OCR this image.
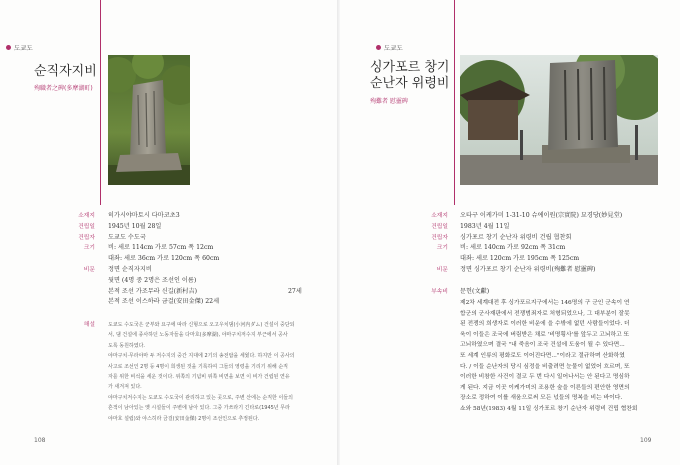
도쿄도
순직자지비
殉職者之碑(多摩湖町)
소재지
건립일
건립자
크기
비문
히가시야마토시 다마코초3
1945년 10월 28일
도쿄도 수도국
비: 세로 114cm 가로 57cm 폭 12cm
대좌: 세로 36cm 가로 120cm 폭 60cm
정면 순직자지비
뒷면 (4명 중 2명은 조선인 이름)
본적 조선 가조무라 신길(新村吉)	27세
본적 조선 이스하라 금걸(安田金傑) 22세
해설	도쿄도 수도국은 군부와 요구에 따라 신형으로 오고우치댐(小河内ダム) 건설이 중단되
서, 댐 건설에 종사하던 노동자들을 다마호(多摩湖), 야마구치저수지 부근에서 공사
도록 동원하였다.
야마구치·무라야마 두 저수지의 중간 지대에 2기의 송전탑을 세웠다. 하지만 이 공사의
사고로 조선인 2명 등 4명이 희생된 것을 기록하여 그들의 영령을 기리기 위해 순직
자를 위한 비석을 세운 것이다. 위쪽의 기념비 위쪽 비면을 보면 이 비가 건립된 연유
가 새겨져 있다.
야마구치저수지는 도쿄도 수도국이 관리하고 있는 곳으로, 주변 산에는 순직한 이들의
흔적이 남아있는 옛 시설들이 주변에 남아 있다. 그중 가쓰라기 긴타로(1945년 무라
야마호 설립)와 야스히라 금걸(安田金傑) 2명이 조선인으로 추정된다.
108
도쿄도
싱가포르 창기
순난자 위령비
殉難者 慰靈碑
소재지
건립일
건립자
크기
비문
부속비
오타구 이케가미 1-31-10 슈에이원(宗實院) 묘경당(妙見堂)
1983년 4월 11일
싱가포르 창기 순난자 위령비 건립 협찬회
비: 세로 140cm 가로 92cm 폭 31cm
대좌: 세로 120cm 가로 195cm 폭 125cm
정면 싱가포르 창기 순난자 위령비(殉難者 慰靈碑)
문헌(文獻)
제2차 세계대전 후 싱가포르지구에서는 146명의 구 군인 군속이 연
합군의 군사재판에서 전쟁범죄자로 처형되었으나, 그 대부분이 잘못
된 전쟁의 희생자로 이러한 비운에 을 수밖에 없던 사람들이었다. 더
욱이 이들은 조국에 버림받은 채로 '비명횡사'를 앞두고 고뇌하고 또
고뇌하였으며 결국 "내 죽음이 조국 건설에 도움이 될 수 있다면...
또 세계 인류의 평화로도 이어진다면..."이라고 절규하며 산화하였
다. / 이들 순난자의 당시 심정을 비출려면 눈물이 없었어 흐르며, 또
이러한 비참한 사건이 결코 두 번 다시 일어나서는 안 된다고 명심하
게 된다. 지금 이곳 이케가미의 조용한 숲을 이른들의 편안한 영면의
장소로 정하여 이를 새움으로써 모든 넋들의 명복을 비는 바이다.
쇼와 58년(1983) 4월 11일 싱가포르 창기 순난자 위령비 건립 협찬회
109
